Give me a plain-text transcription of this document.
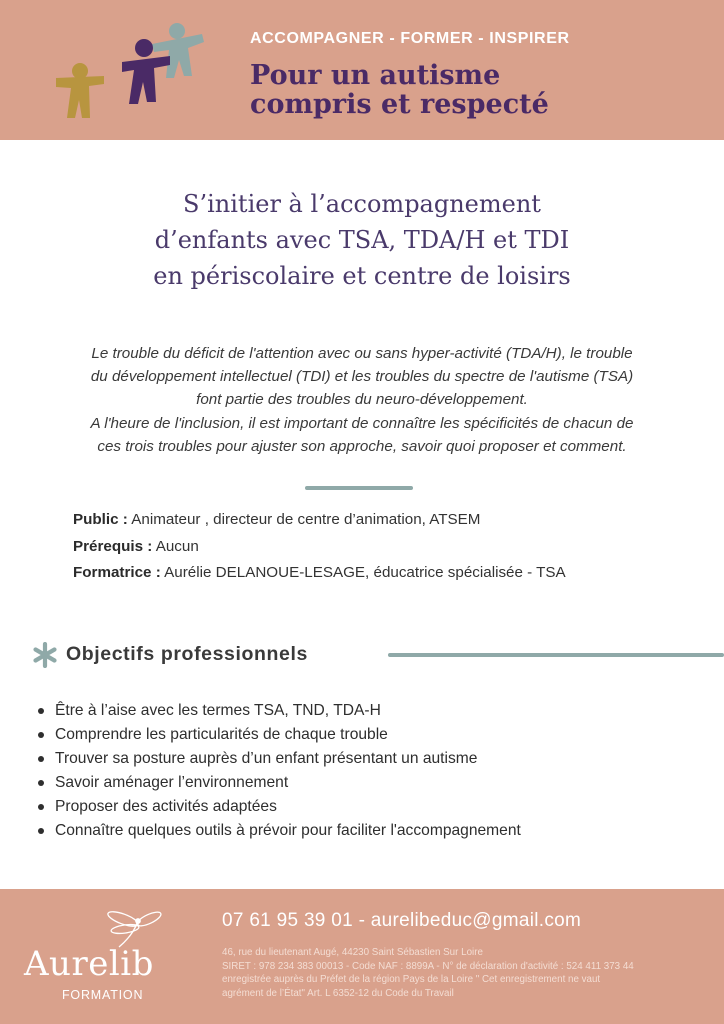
ACCOMPAGNER - FORMER - INSPIRER
Pour un autisme
compris et respecté
S’initier à l’accompagnement
d’enfants avec TSA, TDA/H et TDI
en périscolaire et centre de loisirs
Le trouble du déficit de l'attention avec ou sans hyper-activité (TDA/H), le trouble
du développement intellectuel (TDI) et les troubles du spectre de l'autisme (TSA)
font partie des troubles du neuro-développement.
A l'heure de l'inclusion, il est important de connaître les spécificités de chacun de
ces trois troubles pour ajuster son approche, savoir quoi proposer et comment.
Public : Animateur , directeur de centre d’animation, ATSEM
Prérequis : Aucun
Formatrice : Aurélie DELANOUE-LESAGE, éducatrice spécialisée - TSA
Objectifs professionnels
Être à l’aise avec les termes TSA, TND, TDA-H
Comprendre les particularités de chaque trouble
Trouver sa posture auprès d’un enfant présentant un autisme
Savoir aménager l’environnement
Proposer des activités adaptées
Connaître quelques outils à prévoir pour faciliter l'accompagnement
Aurelib
FORMATION
07 61 95 39 01 - aurelibeduc@gmail.com
46, rue du lieutenant Augé, 44230 Saint Sébastien Sur Loire
SIRET : 978 234 383 00013 - Code NAF : 8899A - N° de déclaration d'activité : 524 411 373 44
enregistrée auprès du Préfet de la région Pays de la Loire " Cet enregistrement ne vaut
agrément de l’État" Art. L 6352-12 du Code du Travail
